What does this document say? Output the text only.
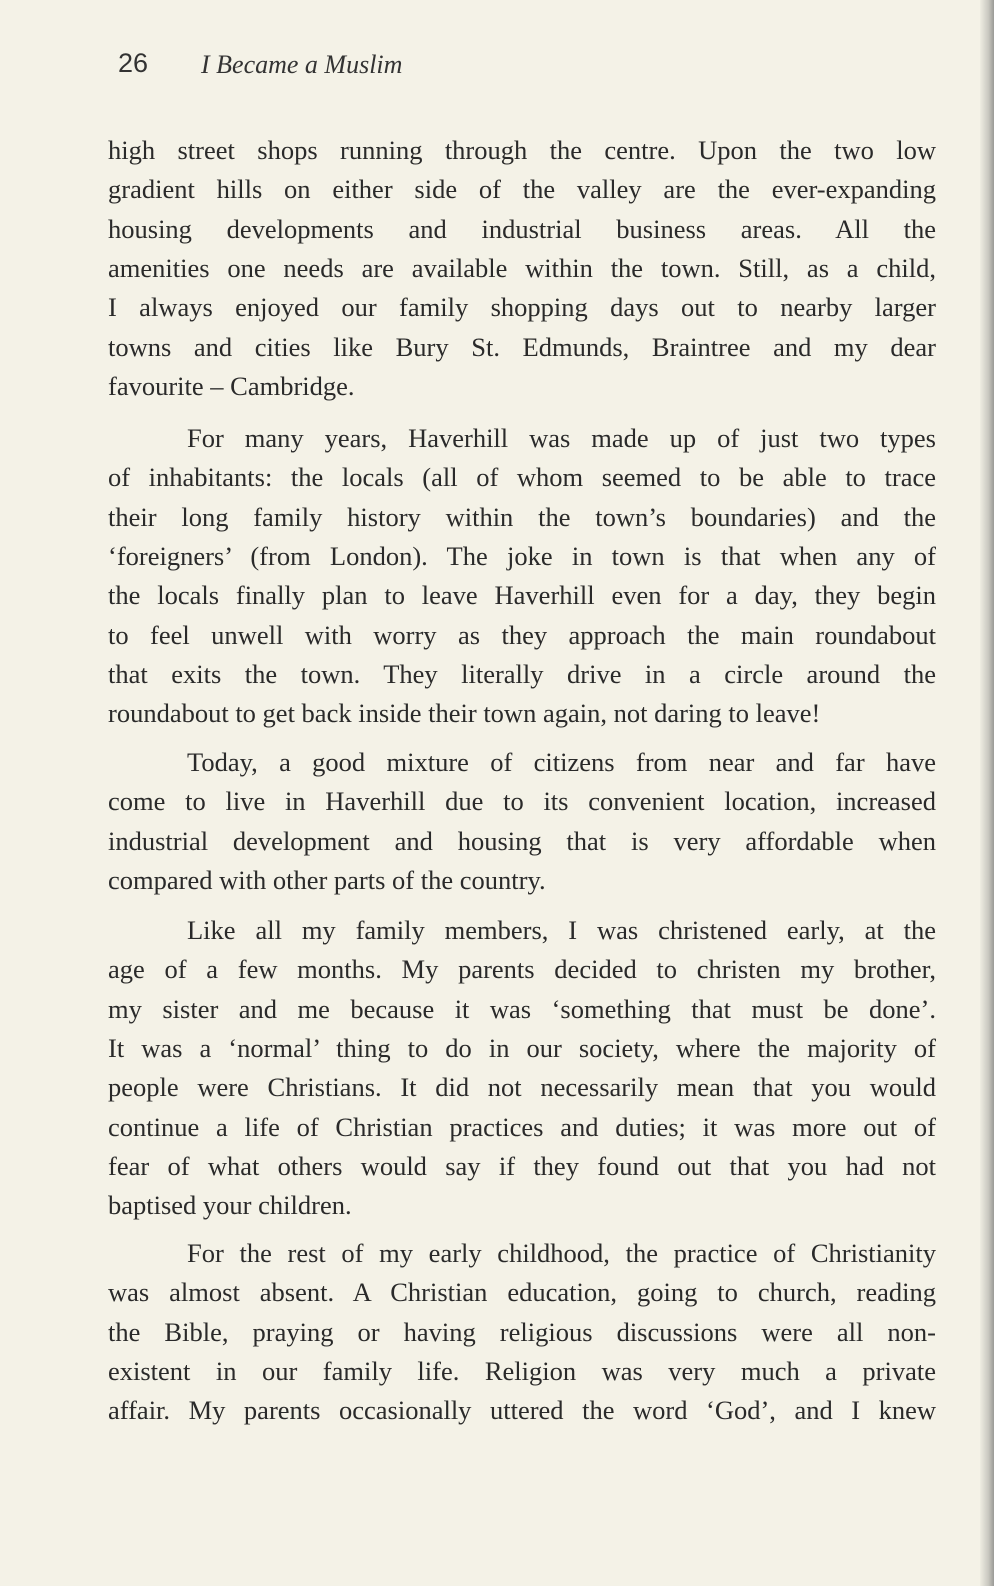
26 I Became a Muslim
high street shops running through the centre. Upon the two low
gradient hills on either side of the valley are the ever-expanding
housing developments and industrial business areas. All the
amenities one needs are available within the town. Still, as a child,
I always enjoyed our family shopping days out to nearby larger
towns and cities like Bury St. Edmunds, Braintree and my dear
favourite – Cambridge.
For many years, Haverhill was made up of just two types
of inhabitants: the locals (all of whom seemed to be able to trace
their long family history within the town’s boundaries) and the
‘foreigners’ (from London). The joke in town is that when any of
the locals finally plan to leave Haverhill even for a day, they begin
to feel unwell with worry as they approach the main roundabout
that exits the town. They literally drive in a circle around the
roundabout to get back inside their town again, not daring to leave!
Today, a good mixture of citizens from near and far have
come to live in Haverhill due to its convenient location, increased
industrial development and housing that is very affordable when
compared with other parts of the country.
Like all my family members, I was christened early, at the
age of a few months. My parents decided to christen my brother,
my sister and me because it was ‘something that must be done’.
It was a ‘normal’ thing to do in our society, where the majority of
people were Christians. It did not necessarily mean that you would
continue a life of Christian practices and duties; it was more out of
fear of what others would say if they found out that you had not
baptised your children.
For the rest of my early childhood, the practice of Christianity
was almost absent. A Christian education, going to church, reading
the Bible, praying or having religious discussions were all non-
existent in our family life. Religion was very much a private
affair. My parents occasionally uttered the word ‘God’, and I knew
